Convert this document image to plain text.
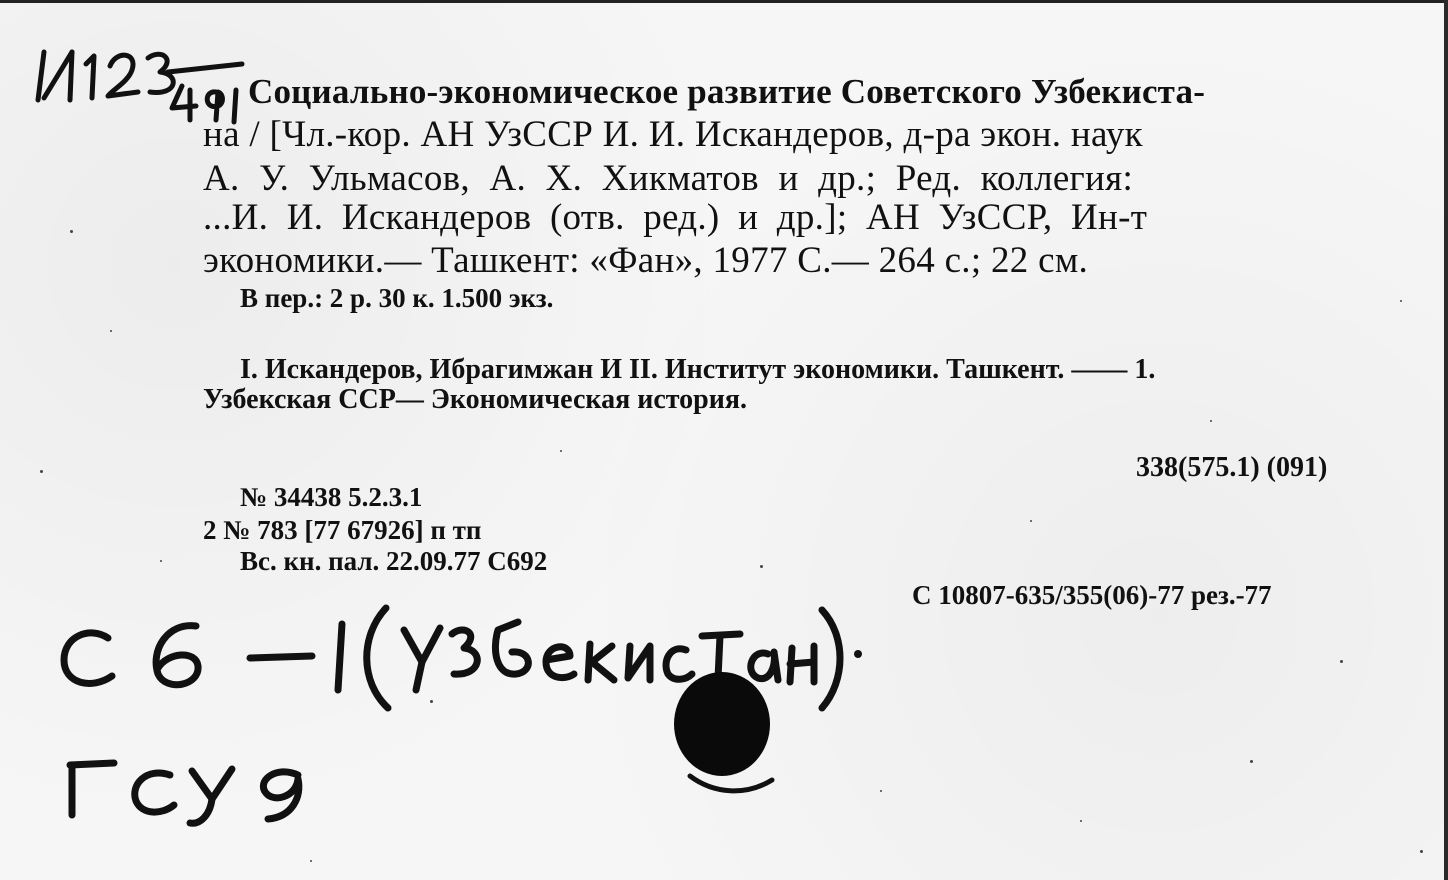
Социально-экономическое развитие Советского Узбекиста-
на / [Чл.-кор. АН УзССР И. И. Искандеров, д-ра экон. наук
А. У. Ульмасов, А. Х. Хикматов и др.; Ред. коллегия:
...И. И. Искандеров (отв. ред.) и др.]; АН УзССР, Ин-т
экономики.— Ташкент: «Фан», 1977 С.— 264 с.; 22 см.
В пер.: 2 р. 30 к. 1.500 экз.
I. Искандеров, Ибрагимжан И II. Институт экономики. Ташкент. —— 1.
Узбекская ССР— Экономическая история.
338(575.1) (091)
№ 34438 5.2.3.1
2 № 783 [77 67926] п тп
Вс. кн. пал. 22.09.77 С692
С 10807-635/355(06)-77 рез.-77
